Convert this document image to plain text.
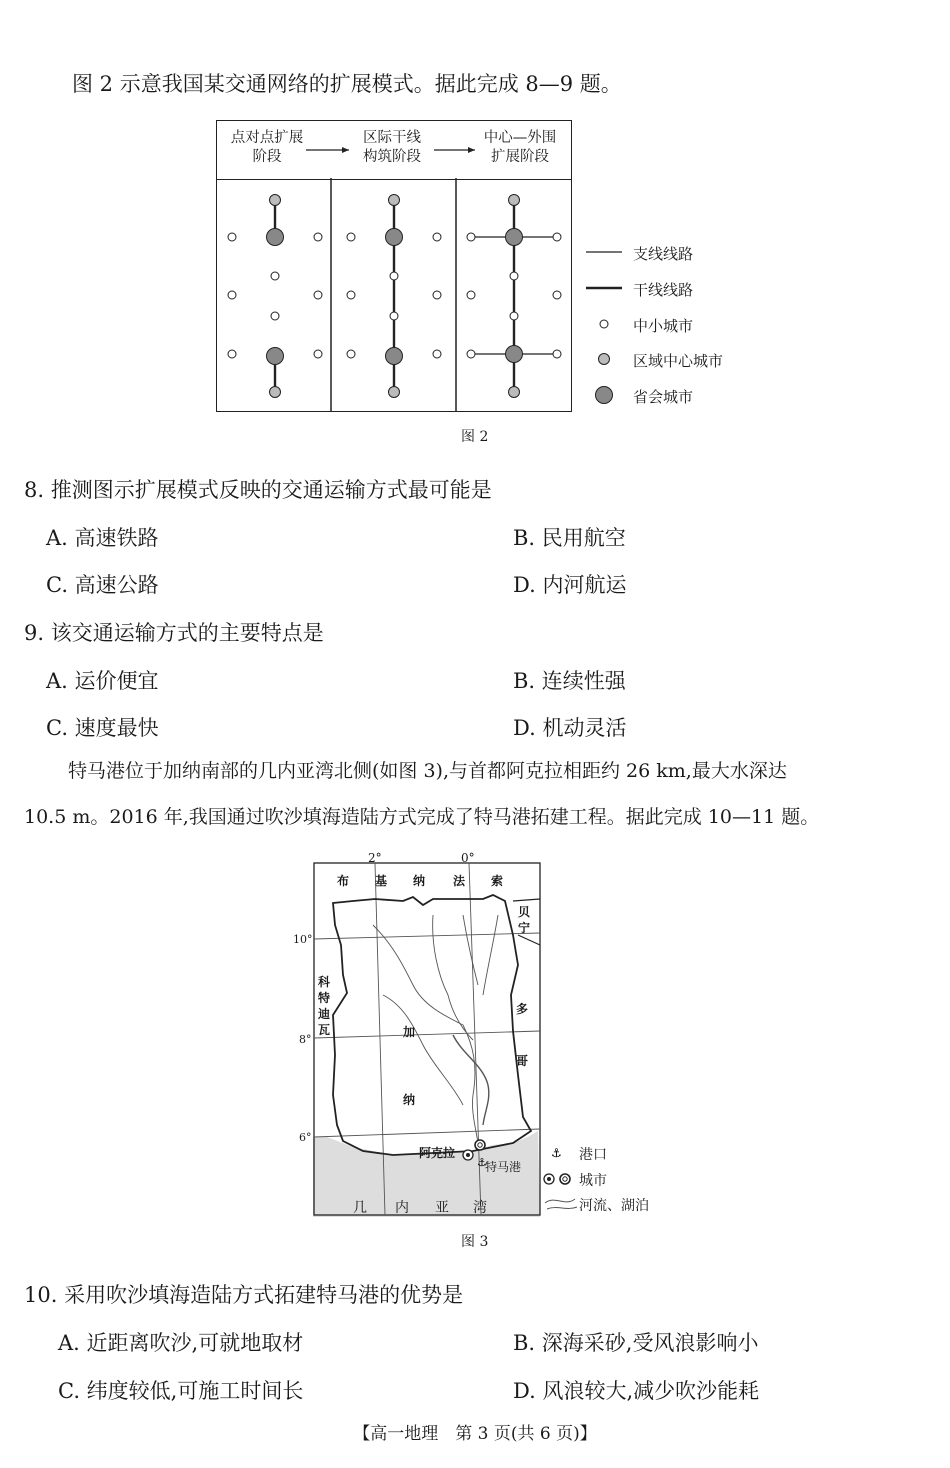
图 2 示意我国某交通网络的扩展模式。据此完成 8—9 题。
点对点扩展
阶段
区际干线
构筑阶段
中心—外围
扩展阶段
支线线路
干线线路
中小城市
区域中心城市
省会城市
图 2
8. 推测图示扩展模式反映的交通运输方式最可能是
A. 高速铁路	B. 民用航空
C. 高速公路	D. 内河航运
9. 该交通运输方式的主要特点是
A. 运价便宜	B. 连续性强
C. 速度最快	D. 机动灵活
特马港位于加纳南部的几内亚湾北侧(如图 3),与首都阿克拉相距约 26 km,最大水深达
10.5 m。2016 年,我国通过吹沙填海造陆方式完成了特马港拓建工程。据此完成 10—11 题。
⚓
⚓
2°	0°
10°
8°
6°
布 基 纳 法 索
贝
宁
科
特
迪
瓦
多
哥
加
纳
几 内 亚 湾
阿克拉
特马港
港口
城市
河流、湖泊
图 3
10. 采用吹沙填海造陆方式拓建特马港的优势是
A. 近距离吹沙,可就地取材	B. 深海采砂,受风浪影响小
C. 纬度较低,可施工时间长	D. 风浪较大,减少吹沙能耗
【高一地理　第 3 页(共 6 页)】
